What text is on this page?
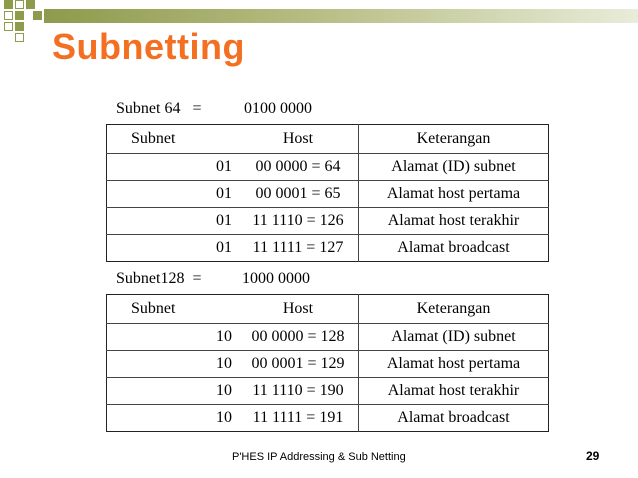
Subnetting
Subnet 64   =	0100 0000
Subnet	Host	Keterangan
01	00 0000 = 64	Alamat (ID) subnet
01	00 0001 = 65	Alamat host pertama
01	11 1110 = 126	Alamat host terakhir
01	11 1111 = 127	Alamat broadcast
Subnet128  =	1000 0000
Subnet	Host	Keterangan
10	00 0000 = 128	Alamat (ID) subnet
10	00 0001 = 129	Alamat host pertama
10	11 1110 = 190	Alamat host terakhir
10	11 1111 = 191	Alamat broadcast
P'HES IP Addressing & Sub Netting	29
